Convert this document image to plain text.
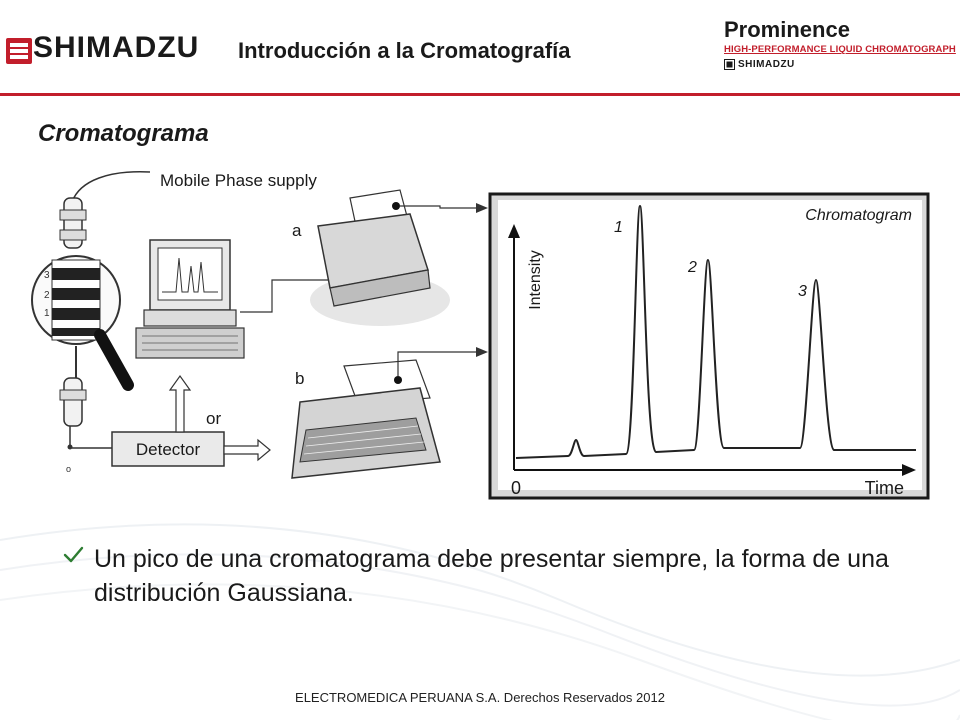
SHIMADZU Introducción a la Cromatografía
Prominence
HIGH-PERFORMANCE LIQUID CHROMATOGRAPH
SHIMADZU
Cromatograma
Mobile Phase supply
3
2
1
o
Detector
or
a
b
Chromatogram
Intensity
Time
0
1
2
3
Un pico de una cromatograma debe presentar siempre, la forma de una distribución Gaussiana.
ELECTROMEDICA PERUANA S.A. Derechos Reservados 2012
